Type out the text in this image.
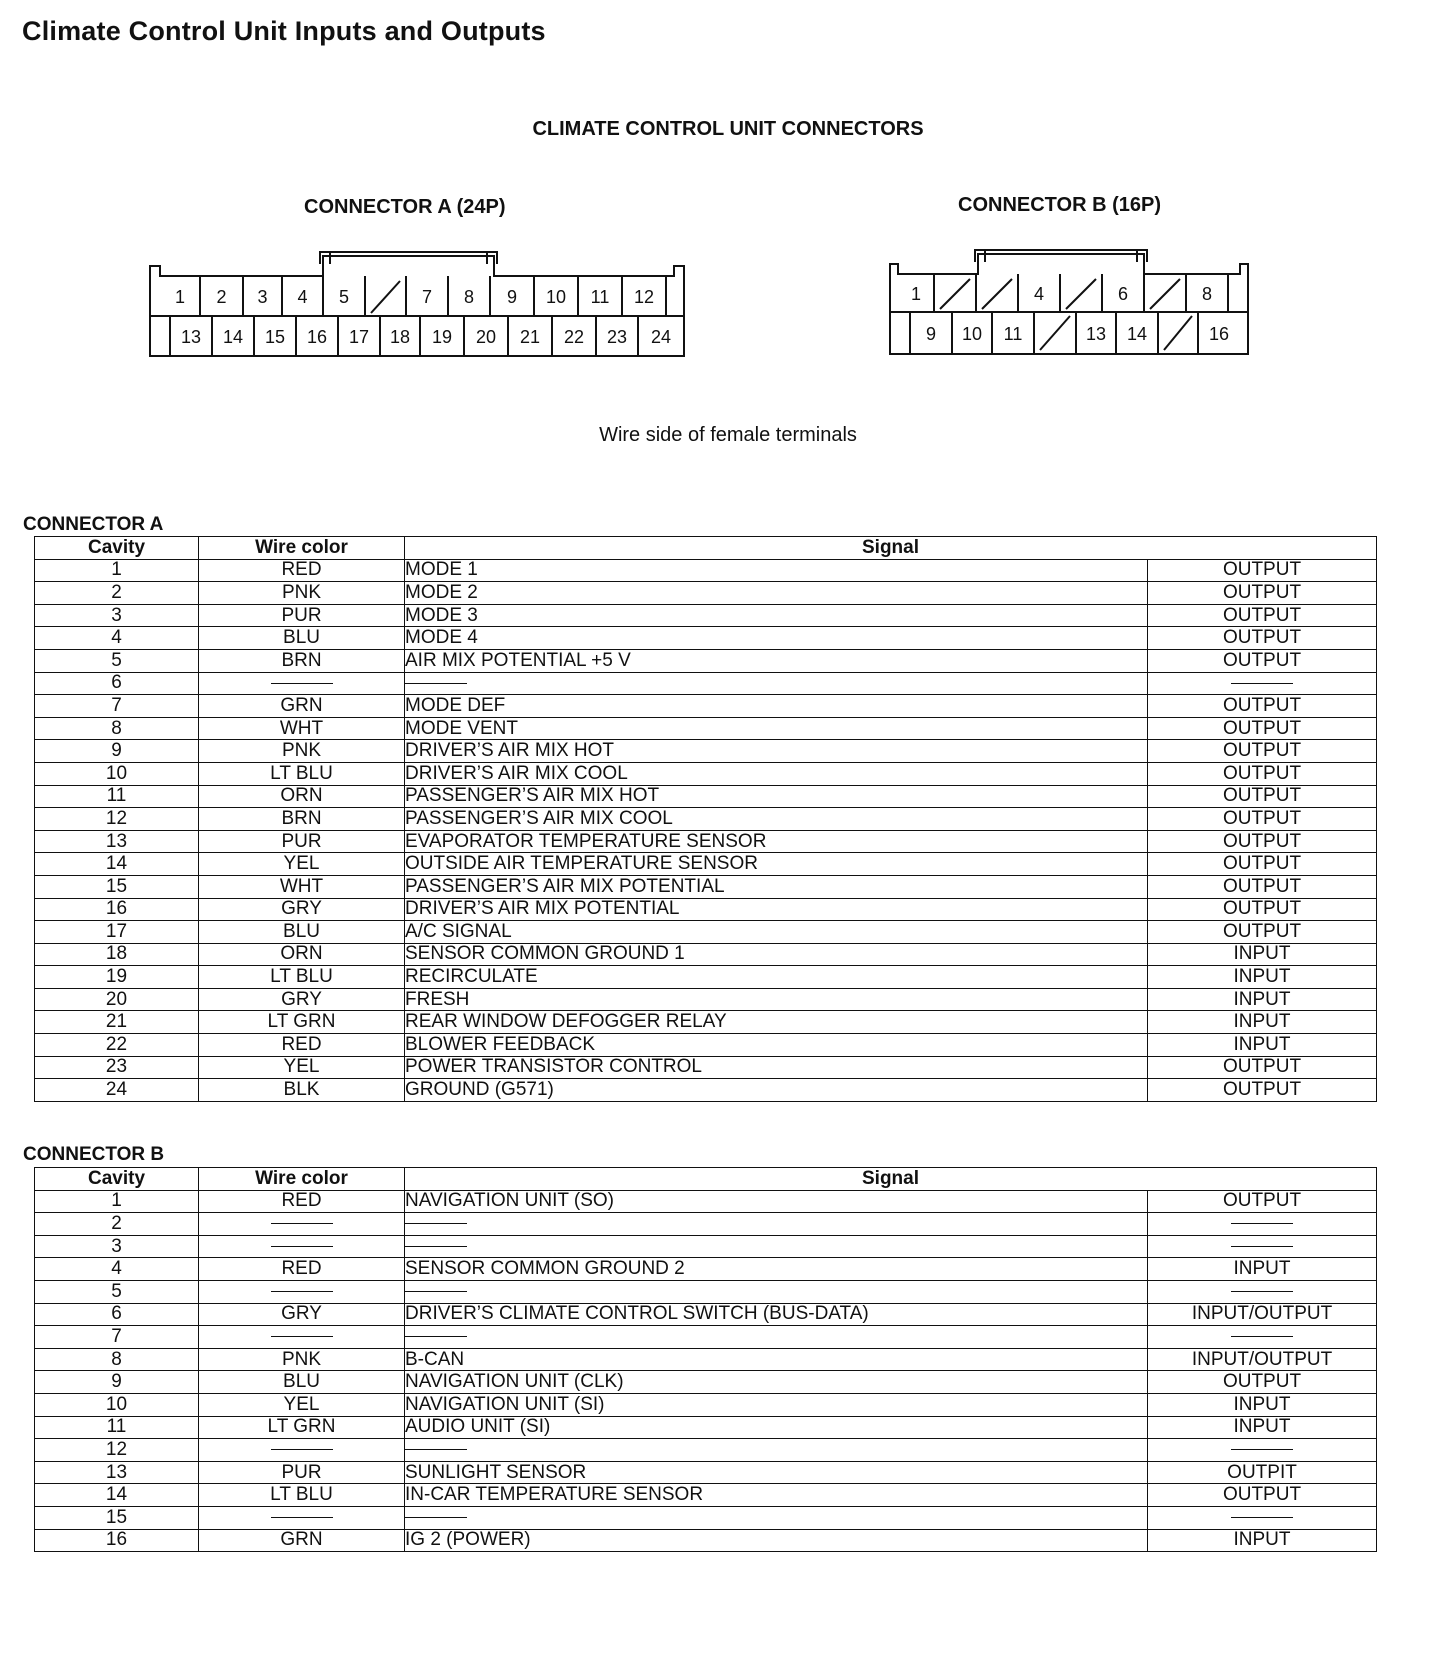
Climate Control Unit Inputs and Outputs
CLIMATE CONTROL UNIT CONNECTORS
CONNECTOR A (24P)	CONNECTOR B (16P)
1 2 3 4 5	7 8 9 10 11 12
13 14 15 16 17 18 19 20 21 22 23 24
1	4	6	8
9 10 11	13 14	16
Wire side of female terminals
CONNECTOR A
Cavity	Wire color	Signal	
1	RED	MODE 1	OUTPUT
2	PNK	MODE 2	OUTPUT
3	PUR	MODE 3	OUTPUT
4	BLU	MODE 4	OUTPUT
5	BRN	AIR MIX POTENTIAL +5 V	OUTPUT
6			
7	GRN	MODE DEF	OUTPUT
8	WHT	MODE VENT	OUTPUT
9	PNK	DRIVER’S AIR MIX HOT	OUTPUT
10	LT BLU	DRIVER’S AIR MIX COOL	OUTPUT
11	ORN	PASSENGER’S AIR MIX HOT	OUTPUT
12	BRN	PASSENGER’S AIR MIX COOL	OUTPUT
13	PUR	EVAPORATOR TEMPERATURE SENSOR	OUTPUT
14	YEL	OUTSIDE AIR TEMPERATURE SENSOR	OUTPUT
15	WHT	PASSENGER’S AIR MIX POTENTIAL	OUTPUT
16	GRY	DRIVER’S AIR MIX POTENTIAL	OUTPUT
17	BLU	A/C SIGNAL	OUTPUT
18	ORN	SENSOR COMMON GROUND 1	INPUT
19	LT BLU	RECIRCULATE	INPUT
20	GRY	FRESH	INPUT
21	LT GRN	REAR WINDOW DEFOGGER RELAY	INPUT
22	RED	BLOWER FEEDBACK	INPUT
23	YEL	POWER TRANSISTOR CONTROL	OUTPUT
24	BLK	GROUND (G571)	OUTPUT
CONNECTOR B
Cavity	Wire color	Signal	
1	RED	NAVIGATION UNIT (SO)	OUTPUT
2			
3			
4	RED	SENSOR COMMON GROUND 2	INPUT
5			
6	GRY	DRIVER’S CLIMATE CONTROL SWITCH (BUS-DATA)	INPUT/OUTPUT
7			
8	PNK	B-CAN	INPUT/OUTPUT
9	BLU	NAVIGATION UNIT (CLK)	OUTPUT
10	YEL	NAVIGATION UNIT (SI)	INPUT
11	LT GRN	AUDIO UNIT (SI)	INPUT
12			
13	PUR	SUNLIGHT SENSOR	OUTPIT
14	LT BLU	IN-CAR TEMPERATURE SENSOR	OUTPUT
15			
16	GRN	IG 2 (POWER)	INPUT
